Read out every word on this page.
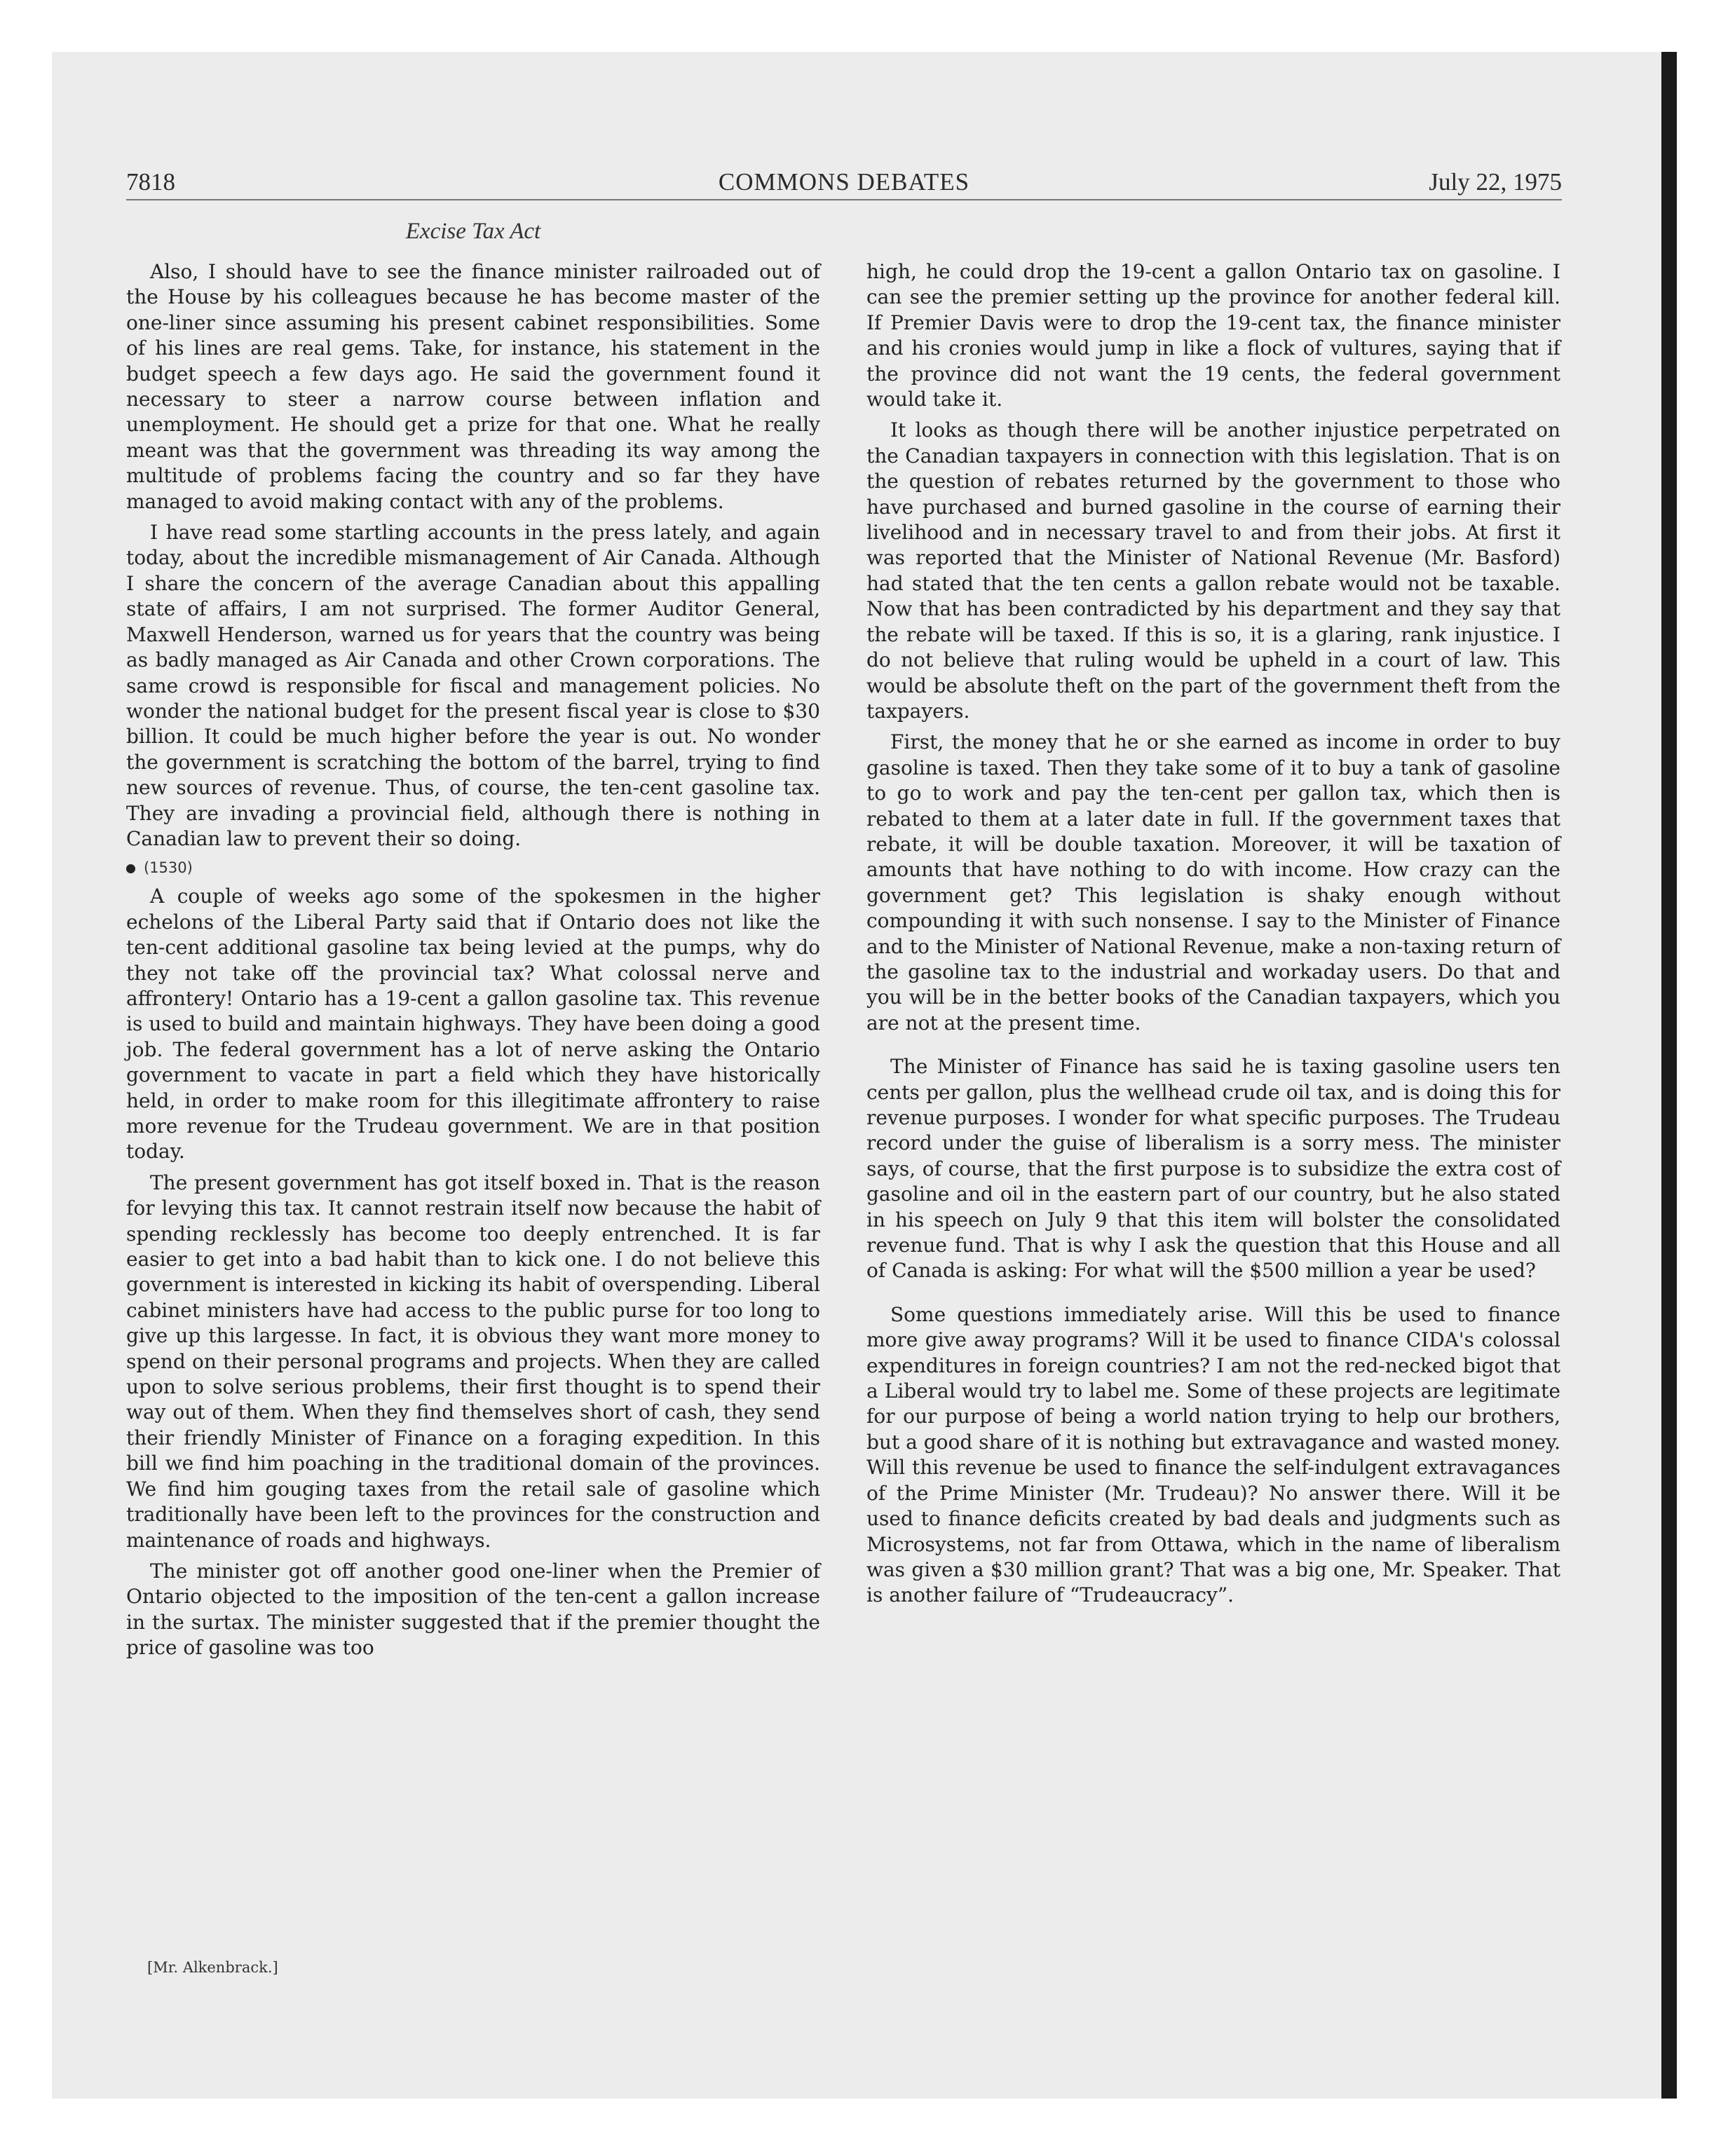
7818	COMMONS DEBATES	July 22, 1975
Excise Tax Act

Also, I should have to see the finance minister railroaded out of the House by his colleagues because he has become master of the one-liner since assuming his present cabinet responsibilities. Some of his lines are real gems. Take, for instance, his statement in the budget speech a few days ago. He said the government found it necessary to steer a narrow course between inflation and unemployment. He should get a prize for that one. What he really meant was that the government was threading its way among the multitude of problems facing the country and so far they have managed to avoid making contact with any of the problems.

I have read some startling accounts in the press lately, and again today, about the incredible mismanagement of Air Canada. Although I share the concern of the average Canadian about this appalling state of affairs, I am not surprised. The former Auditor General, Maxwell Henderson, warned us for years that the country was being as badly managed as Air Canada and other Crown corporations. The same crowd is responsible for fiscal and management policies. No wonder the national budget for the present fiscal year is close to $30 billion. It could be much higher before the year is out. No wonder the government is scratching the bottom of the barrel, trying to find new sources of revenue. Thus, of course, the ten-cent gasoline tax. They are invading a provincial field, although there is nothing in Canadian law to prevent their so doing.

(1530)

A couple of weeks ago some of the spokesmen in the higher echelons of the Liberal Party said that if Ontario does not like the ten-cent additional gasoline tax being levied at the pumps, why do they not take off the provincial tax? What colossal nerve and affrontery! Ontario has a 19-cent a gallon gasoline tax. This revenue is used to build and maintain highways. They have been doing a good job. The federal government has a lot of nerve asking the Ontario government to vacate in part a field which they have historically held, in order to make room for this illegitimate affrontery to raise more revenue for the Trudeau government. We are in that position today.

The present government has got itself boxed in. That is the reason for levying this tax. It cannot restrain itself now because the habit of spending recklessly has become too deeply entrenched. It is far easier to get into a bad habit than to kick one. I do not believe this government is interested in kicking its habit of overspending. Liberal cabinet ministers have had access to the public purse for too long to give up this largesse. In fact, it is obvious they want more money to spend on their personal programs and projects. When they are called upon to solve serious problems, their first thought is to spend their way out of them. When they find themselves short of cash, they send their friendly Minister of Finance on a foraging expedition. In this bill we find him poaching in the traditional domain of the provinces. We find him gouging taxes from the retail sale of gasoline which traditionally have been left to the provinces for the construction and maintenance of roads and highways.

The minister got off another good one-liner when the Premier of Ontario objected to the imposition of the ten-cent a gallon increase in the surtax. The minister suggested that if the premier thought the price of gasoline was too

high, he could drop the 19-cent a gallon Ontario tax on gasoline. I can see the premier setting up the province for another federal kill. If Premier Davis were to drop the 19-cent tax, the finance minister and his cronies would jump in like a flock of vultures, saying that if the province did not want the 19 cents, the federal government would take it.

It looks as though there will be another injustice perpetrated on the Canadian taxpayers in connection with this legislation. That is on the question of rebates returned by the government to those who have purchased and burned gasoline in the course of earning their livelihood and in necessary travel to and from their jobs. At first it was reported that the Minister of National Revenue (Mr. Basford) had stated that the ten cents a gallon rebate would not be taxable. Now that has been contradicted by his department and they say that the rebate will be taxed. If this is so, it is a glaring, rank injustice. I do not believe that ruling would be upheld in a court of law. This would be absolute theft on the part of the government theft from the taxpayers.

First, the money that he or she earned as income in order to buy gasoline is taxed. Then they take some of it to buy a tank of gasoline to go to work and pay the ten-cent per gallon tax, which then is rebated to them at a later date in full. If the government taxes that rebate, it will be double taxation. Moreover, it will be taxation of amounts that have nothing to do with income. How crazy can the government get? This legislation is shaky enough without compounding it with such nonsense. I say to the Minister of Finance and to the Minister of National Revenue, make a non-taxing return of the gasoline tax to the industrial and workaday users. Do that and you will be in the better books of the Canadian taxpayers, which you are not at the present time.

The Minister of Finance has said he is taxing gasoline users ten cents per gallon, plus the wellhead crude oil tax, and is doing this for revenue purposes. I wonder for what specific purposes. The Trudeau record under the guise of liberalism is a sorry mess. The minister says, of course, that the first purpose is to subsidize the extra cost of gasoline and oil in the eastern part of our country, but he also stated in his speech on July 9 that this item will bolster the consolidated revenue fund. That is why I ask the question that this House and all of Canada is asking: For what will the $500 million a year be used?

Some questions immediately arise. Will this be used to finance more give away programs? Will it be used to finance CIDA's colossal expenditures in foreign countries? I am not the red-necked bigot that a Liberal would try to label me. Some of these projects are legitimate for our purpose of being a world nation trying to help our brothers, but a good share of it is nothing but extravagance and wasted money. Will this revenue be used to finance the self-indulgent extravagances of the Prime Minister (Mr. Trudeau)? No answer there. Will it be used to finance deficits created by bad deals and judgments such as Microsystems, not far from Ottawa, which in the name of liberalism was given a $30 million grant? That was a big one, Mr. Speaker. That is another failure of “Trudeaucracy”.

[Mr. Alkenbrack.]
